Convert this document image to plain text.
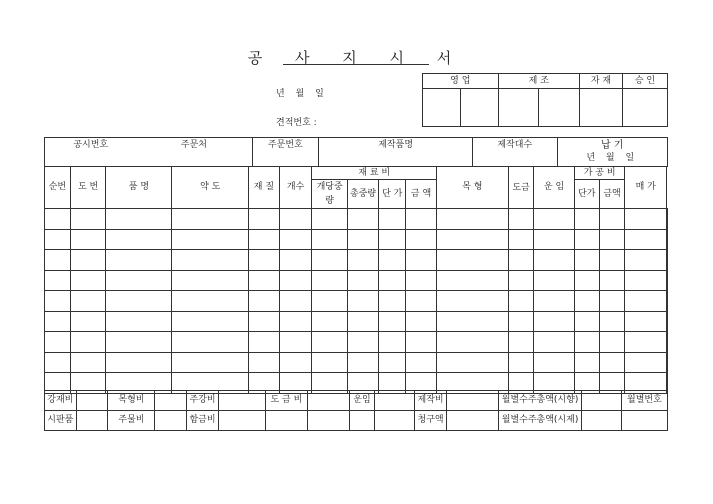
공 사 지 시 서
년 월 일
견적번호 :
영 업		제 조		자 재	승 인

공시번호	주문처	주문번호	제작품명	제작대수	납 기
년 월 일
순번	도 번	품 명	약 도	재 질	개수	재 료 비				목 형	도금	운 임	가 공 비		매 가	
						개당중량	총중량	단 가	금 액				단가	금액		

강재비		목형비		주강비		도 금 비		운임		제작비		월별수주총액(시향)		월별번호
시판품		주물비		함금비						청구액		월별수주총액(시제)		
